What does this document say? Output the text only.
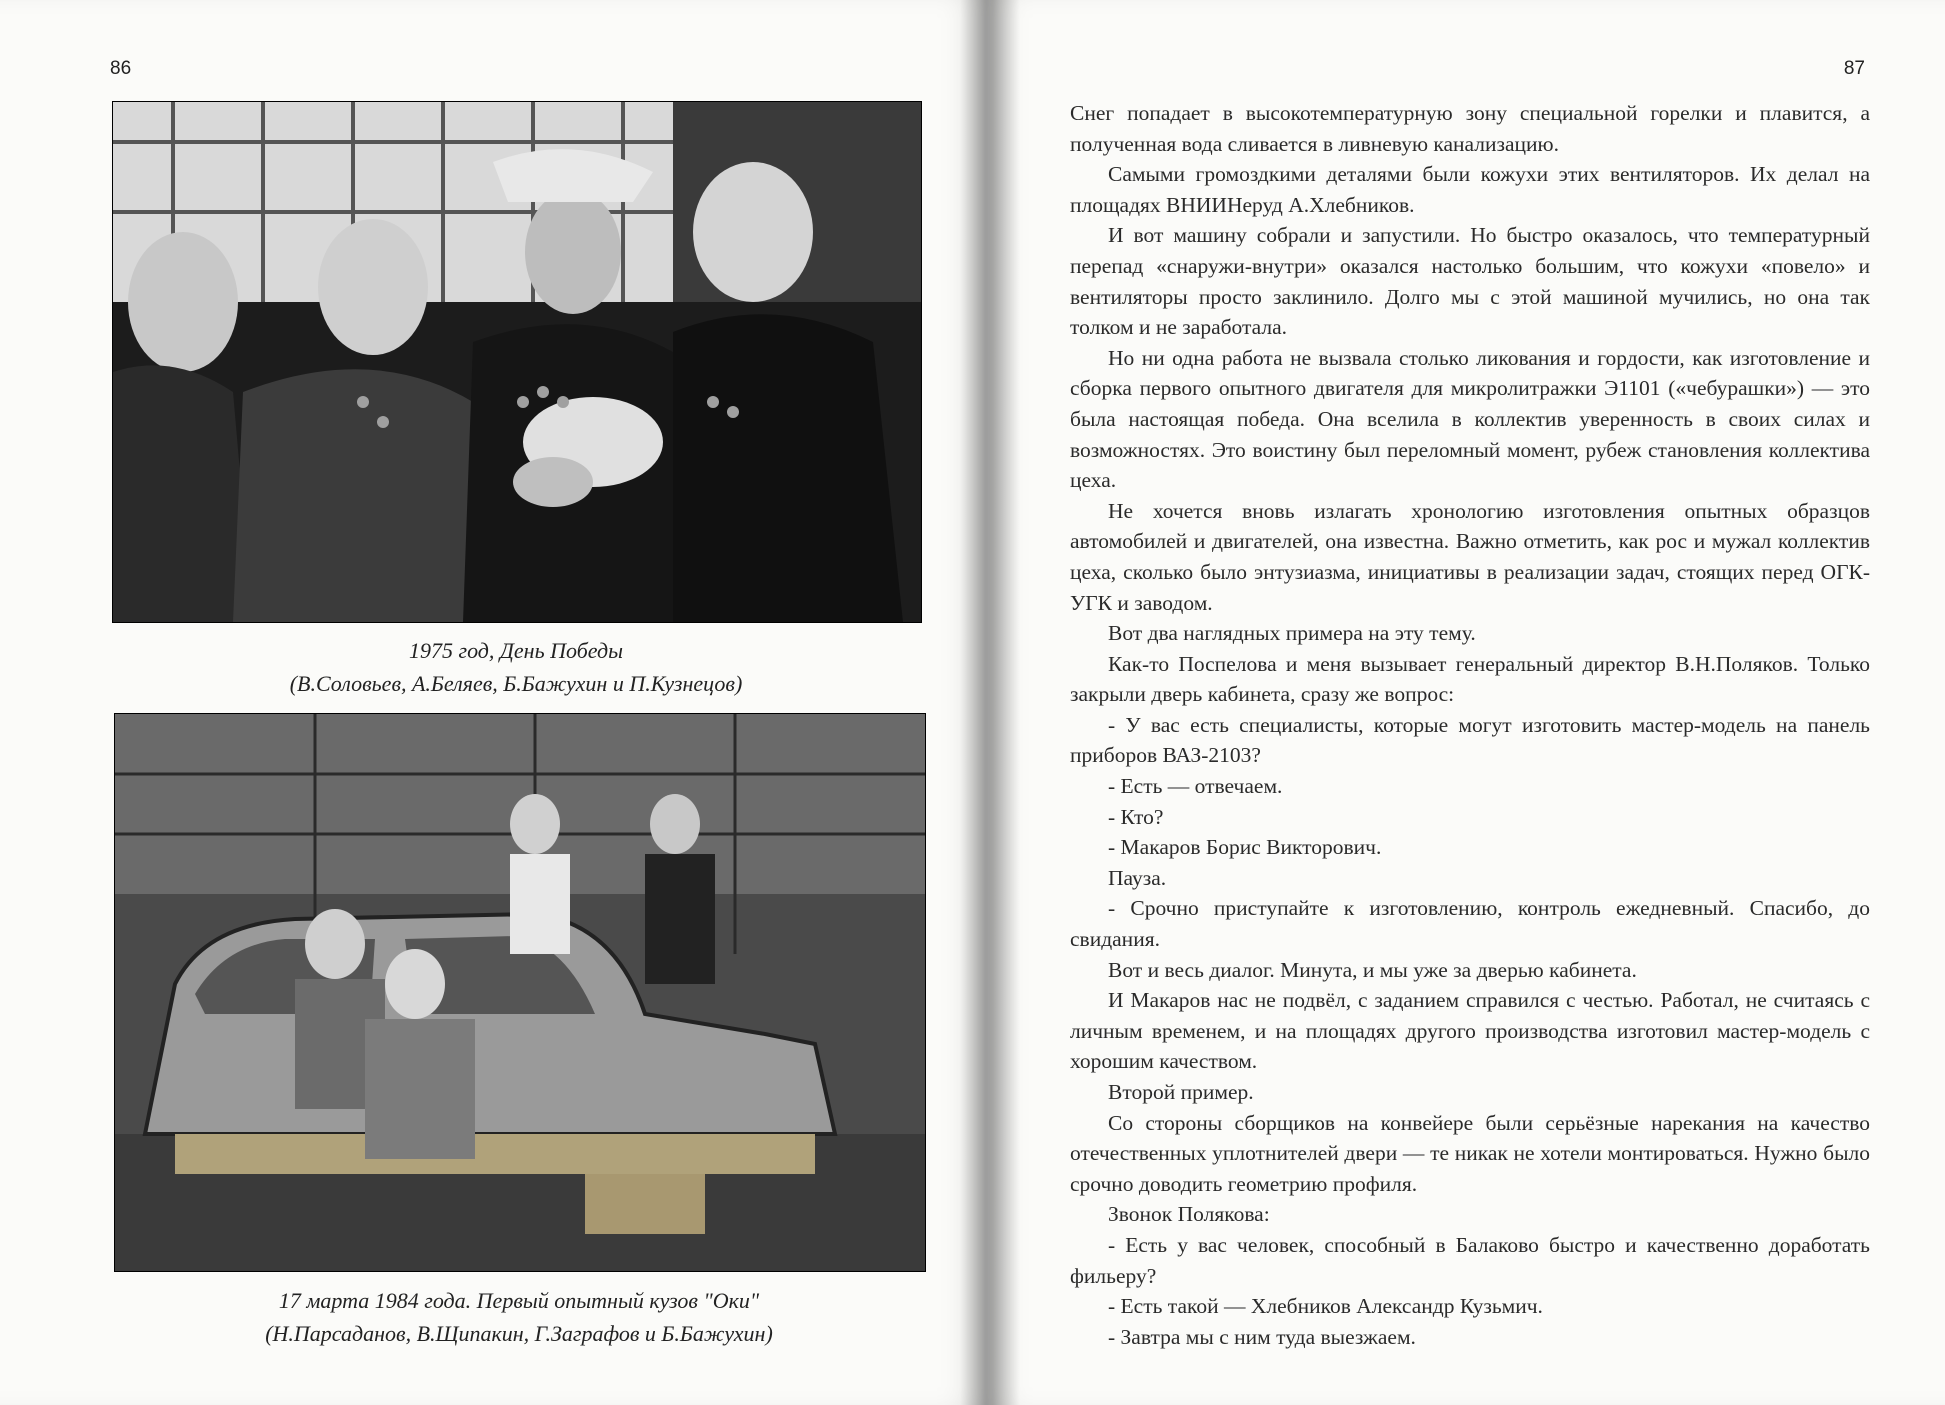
86
1975 год, День Победы
(В.Соловьев, А.Беляев, Б.Бажухин и П.Кузнецов)
17 марта 1984 года. Первый опытный кузов "Оки"
(Н.Парсаданов, В.Щипакин, Г.Заграфов и Б.Бажухин)
87

Снег попадает в высокотемпературную зону специальной горелки и плавится, а полученная вода сливается в ливневую канализацию.

Самыми громоздкими деталями были кожухи этих вентиляторов. Их делал на площадях ВНИИНеруд А.Хлебников.

И вот машину собрали и запустили. Но быстро оказалось, что температурный перепад «снаружи-внутри» оказался настолько большим, что кожухи «повело» и вентиляторы просто заклинило. Долго мы с этой машиной мучились, но она так толком и не заработала.

Но ни одна работа не вызвала столько ликования и гордости, как изготовление и сборка первого опытного двигателя для микролитражки Э1101 («чебурашки») — это была настоящая победа. Она вселила в коллектив уверенность в своих силах и возможностях. Это воистину был переломный момент, рубеж становления коллектива цеха.

Не хочется вновь излагать хронологию изготовления опытных образцов автомобилей и двигателей, она известна. Важно отметить, как рос и мужал коллектив цеха, сколько было энтузиазма, инициативы в реализации задач, стоящих перед ОГК-УГК и заводом.

Вот два наглядных примера на эту тему.

Как-то Поспелова и меня вызывает генеральный директор В.Н.Поляков. Только закрыли дверь кабинета, сразу же вопрос:

- У вас есть специалисты, которые могут изготовить мастер-модель на панель приборов ВАЗ-2103?

- Есть — отвечаем.

- Кто?

- Макаров Борис Викторович.

Пауза.

- Срочно приступайте к изготовлению, контроль ежедневный. Спасибо, до свидания.

Вот и весь диалог. Минута, и мы уже за дверью кабинета.

И Макаров нас не подвёл, с заданием справился с честью. Работал, не считаясь с личным временем, и на площадях другого производства изготовил мастер-модель с хорошим качеством.

Второй пример.

Со стороны сборщиков на конвейере были серьёзные нарекания на качество отечественных уплотнителей двери — те никак не хотели монтироваться. Нужно было срочно доводить геометрию профиля.

Звонок Полякова:

- Есть у вас человек, способный в Балаково быстро и качественно доработать фильеру?

- Есть такой — Хлебников Александр Кузьмич.

- Завтра мы с ним туда выезжаем.
